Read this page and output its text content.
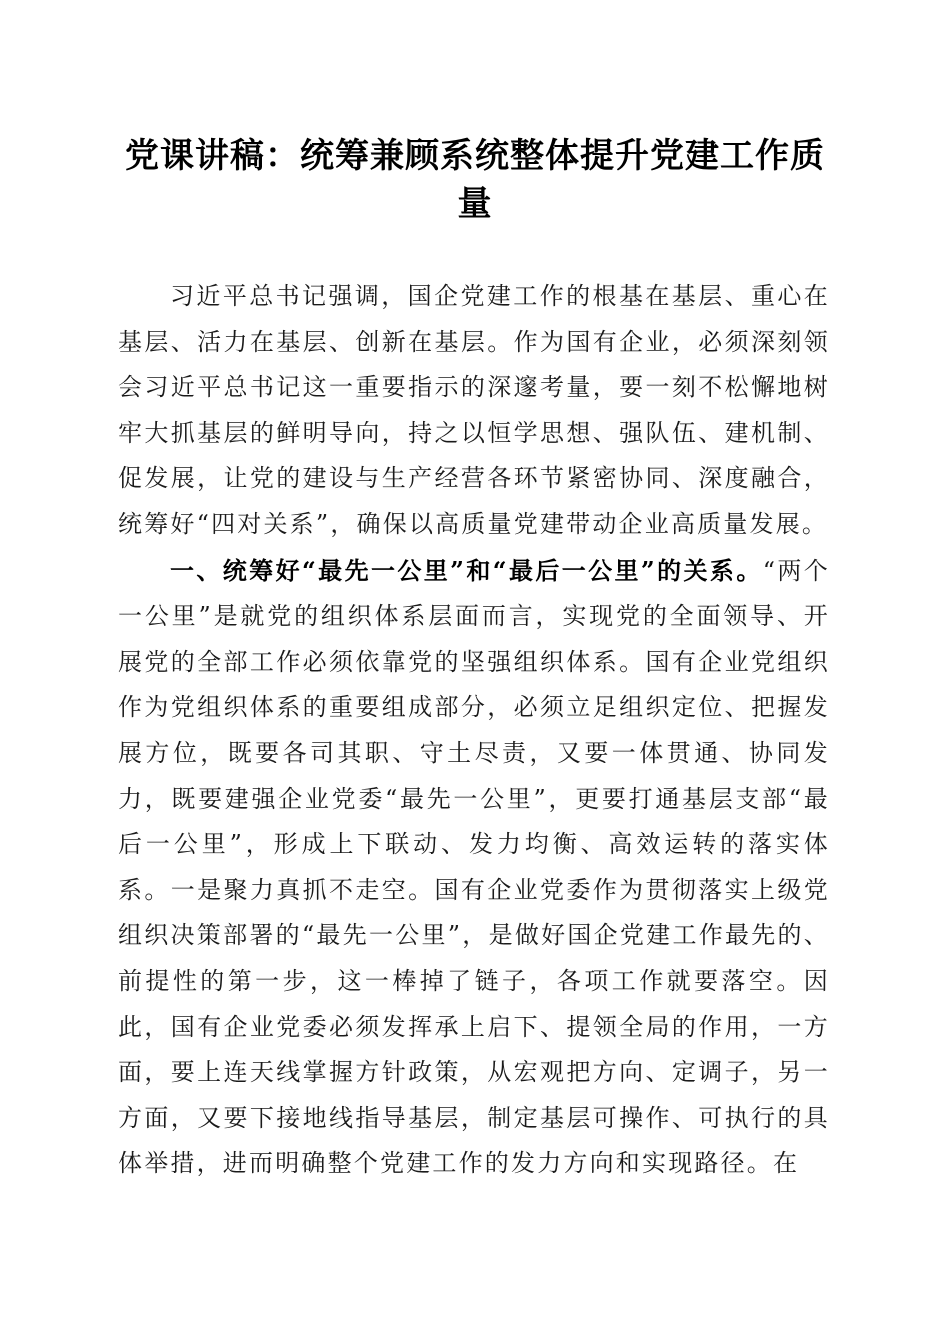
党课讲稿：统筹兼顾系统整体提升党建工作质量

习近平总书记强调，国企党建工作的根基在基层、重心在基层、活力在基层、创新在基层。作为国有企业，必须深刻领会习近平总书记这一重要指示的深邃考量，要一刻不松懈地树牢大抓基层的鲜明导向，持之以恒学思想、强队伍、建机制、促发展，让党的建设与生产经营各环节紧密协同、深度融合，统筹好“四对关系”，确保以高质量党建带动企业高质量发展。

一、统筹好“最先一公里”和“最后一公里”的关系。“两个一公里”是就党的组织体系层面而言，实现党的全面领导、开展党的全部工作必须依靠党的坚强组织体系。国有企业党组织作为党组织体系的重要组成部分，必须立足组织定位、把握发展方位，既要各司其职、守土尽责，又要一体贯通、协同发力，既要建强企业党委“最先一公里”，更要打通基层支部“最后一公里”，形成上下联动、发力均衡、高效运转的落实体系。一是聚力真抓不走空。国有企业党委作为贯彻落实上级党组织决策部署的“最先一公里”，是做好国企党建工作最先的、前提性的第一步，这一棒掉了链子，各项工作就要落空。因此，国有企业党委必须发挥承上启下、提领全局的作用，一方面，要上连天线掌握方针政策，从宏观把方向、定调子，另一方面，又要下接地线指导基层，制定基层可操作、可执行的具体举措，进而明确整个党建工作的发力方向和实现路径。在
